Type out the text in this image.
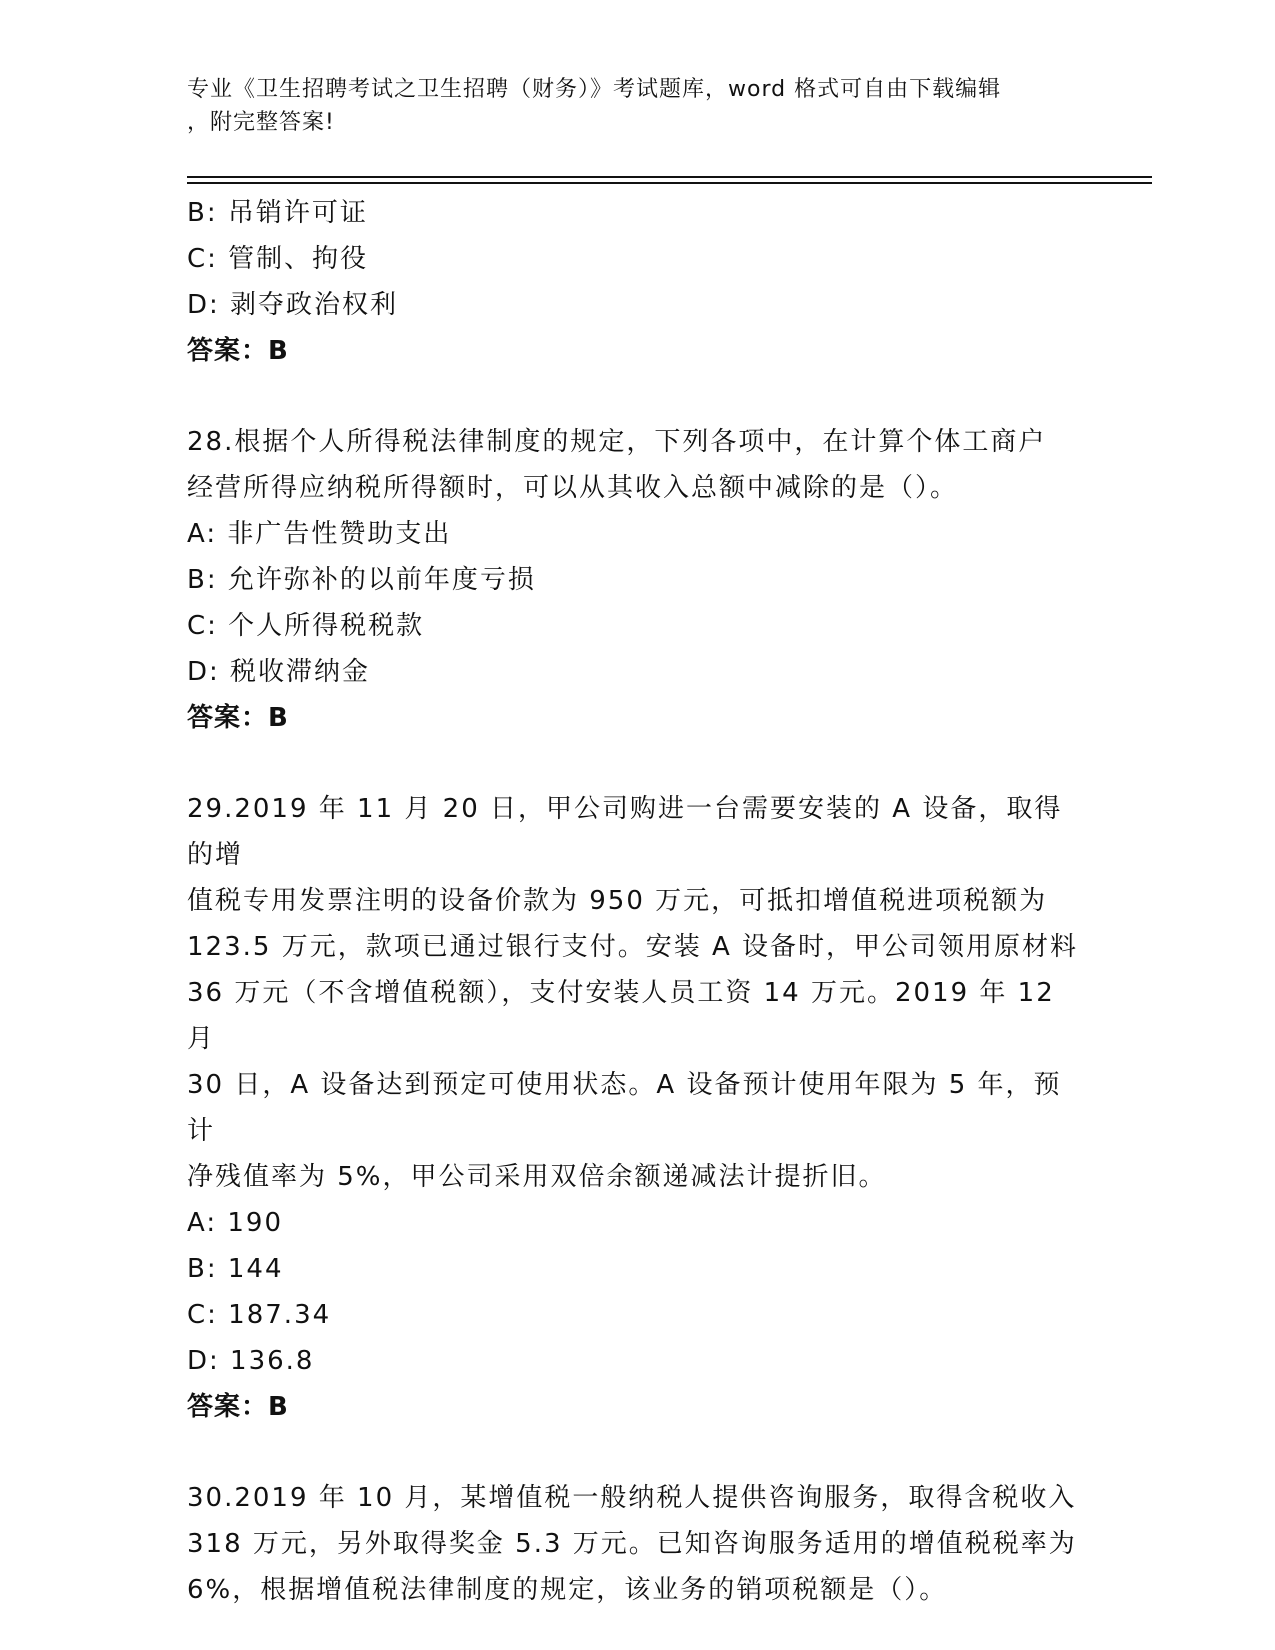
专业《卫生招聘考试之卫生招聘（财务）》考试题库，word 格式可自由下载编辑
，附完整答案!
B: 吊销许可证
C: 管制、拘役
D: 剥夺政治权利
答案：B
28.根据个人所得税法律制度的规定，下列各项中，在计算个体工商户
经营所得应纳税所得额时，可以从其收入总额中减除的是（）。
A: 非广告性赞助支出
B: 允许弥补的以前年度亏损
C: 个人所得税税款
D: 税收滞纳金
答案：B
29.2019 年 11 月 20 日，甲公司购进一台需要安装的 A 设备，取得的增
值税专用发票注明的设备价款为 950 万元，可抵扣增值税进项税额为
123.5 万元，款项已通过银行支付。安装 A 设备时，甲公司领用原材料
36 万元（不含增值税额），支付安装人员工资 14 万元。2019 年 12 月
30 日，A 设备达到预定可使用状态。A 设备预计使用年限为 5 年，预计
净残值率为 5%，甲公司采用双倍余额递减法计提折旧。
A: 190
B: 144
C: 187.34
D: 136.8
答案：B
30.2019 年 10 月，某增值税一般纳税人提供咨询服务，取得含税收入
318 万元，另外取得奖金 5.3 万元。已知咨询服务适用的增值税税率为
6%，根据增值税法律制度的规定，该业务的销项税额是（）。
